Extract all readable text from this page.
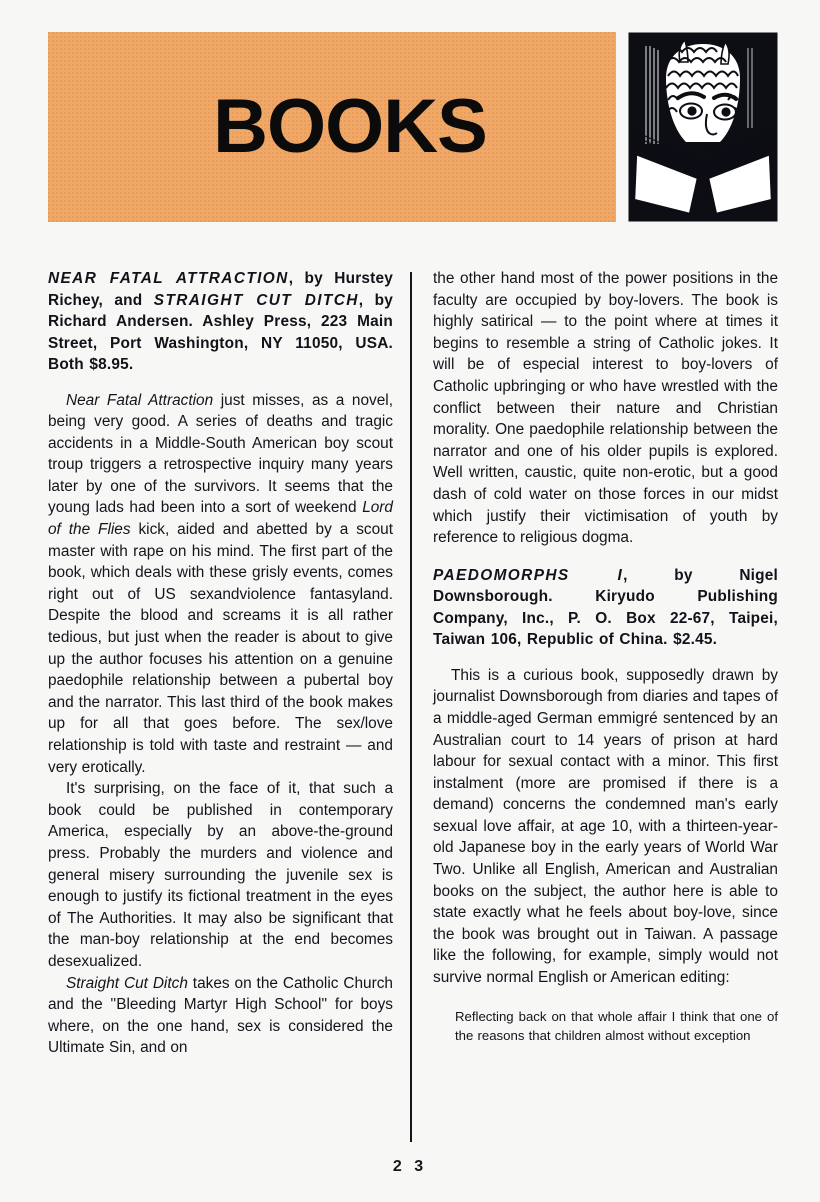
BOOKS

NEAR FATAL ATTRACTION, by Hurstey Richey, and STRAIGHT CUT DITCH, by Richard Andersen. Ashley Press, 223 Main Street, Port Washington, NY 11050, USA. Both $8.95.

Near Fatal Attraction just misses, as a novel, being very good. A series of deaths and tragic accidents in a Middle-South American boy scout troup triggers a retrospective inquiry many years later by one of the survivors. It seems that the young lads had been into a sort of weekend Lord of the Flies kick, aided and abetted by a scout master with rape on his mind. The first part of the book, which deals with these grisly events, comes right out of US sexandviolence fantasyland. Despite the blood and screams it is all rather tedious, but just when the reader is about to give up the author focuses his attention on a genuine paedophile relationship between a pubertal boy and the narrator. This last third of the book makes up for all that goes before. The sex/love relationship is told with taste and restraint — and very erotically.

It's surprising, on the face of it, that such a book could be published in contemporary America, especially by an above-the-ground press. Probably the murders and violence and general misery surrounding the juvenile sex is enough to justify its fictional treatment in the eyes of The Authorities. It may also be significant that the man-boy relationship at the end becomes desexualized.

Straight Cut Ditch takes on the Catholic Church and the ''Bleeding Martyr High School'' for boys where, on the one hand, sex is considered the Ultimate Sin, and on

the other hand most of the power positions in the faculty are occupied by boy-lovers. The book is highly satirical — to the point where at times it begins to resemble a string of Catholic jokes. It will be of especial interest to boy-lovers of Catholic upbringing or who have wrestled with the conflict between their nature and Christian morality. One paedophile relationship between the narrator and one of his older pupils is explored. Well written, caustic, quite non-erotic, but a good dash of cold water on those forces in our midst which justify their victimisation of youth by reference to religious dogma.

PAEDOMORPHS I, by Nigel Downsborough. Kiryudo Publishing Company, Inc., P. O. Box 22-67, Taipei, Taiwan 106, Republic of China. $2.45.

This is a curious book, supposedly drawn by journalist Downsborough from diaries and tapes of a middle-aged German emmigré sentenced by an Australian court to 14 years of prison at hard labour for sexual contact with a minor. This first instalment (more are promised if there is a demand) concerns the condemned man's early sexual love affair, at age 10, with a thirteen-year-old Japanese boy in the early years of World War Two. Unlike all English, American and Australian books on the subject, the author here is able to state exactly what he feels about boy-love, since the book was brought out in Taiwan. A passage like the following, for example, simply would not survive normal English or American editing:

Reflecting back on that whole affair I think that one of the reasons that children almost without exception

2 3
